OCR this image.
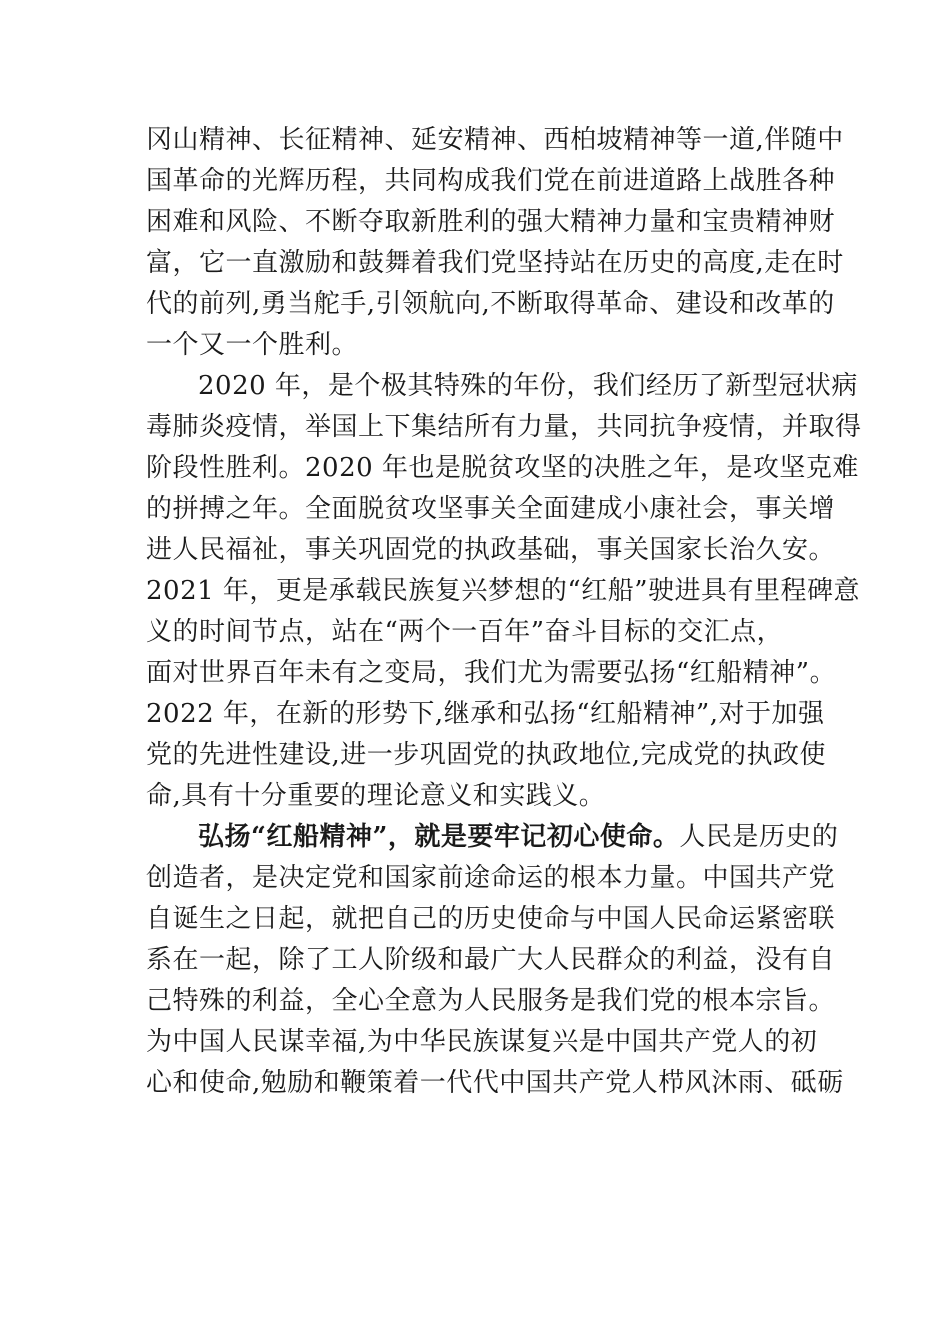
冈山精神、长征精神、延安精神、西柏坡精神等一道,伴随中
国革命的光辉历程，共同构成我们党在前进道路上战胜各种
困难和风险、不断夺取新胜利的强大精神力量和宝贵精神财
富，它一直激励和鼓舞着我们党坚持站在历史的高度,走在时
代的前列,勇当舵手,引领航向,不断取得革命、建设和改革的
一个又一个胜利。
2020 年，是个极其特殊的年份，我们经历了新型冠状病
毒肺炎疫情，举国上下集结所有力量，共同抗争疫情，并取得
阶段性胜利。2020 年也是脱贫攻坚的决胜之年，是攻坚克难
的拼搏之年。全面脱贫攻坚事关全面建成小康社会，事关增
进人民福祉，事关巩固党的执政基础，事关国家长治久安。
2021 年，更是承载民族复兴梦想的“红船”驶进具有里程碑意
义的时间节点，站在“两个一百年”奋斗目标的交汇点，
面对世界百年未有之变局，我们尤为需要弘扬“红船精神”。
2022 年，在新的形势下,继承和弘扬“红船精神”,对于加强
党的先进性建设,进一步巩固党的执政地位,完成党的执政使
命,具有十分重要的理论意义和实践义。
弘扬“红船精神”，就是要牢记初心使命。人民是历史的
创造者，是决定党和国家前途命运的根本力量。中国共产党
自诞生之日起，就把自己的历史使命与中国人民命运紧密联
系在一起，除了工人阶级和最广大人民群众的利益，没有自
己特殊的利益，全心全意为人民服务是我们党的根本宗旨。
为中国人民谋幸福,为中华民族谋复兴是中国共产党人的初
心和使命,勉励和鞭策着一代代中国共产党人栉风沐雨、砥砺
